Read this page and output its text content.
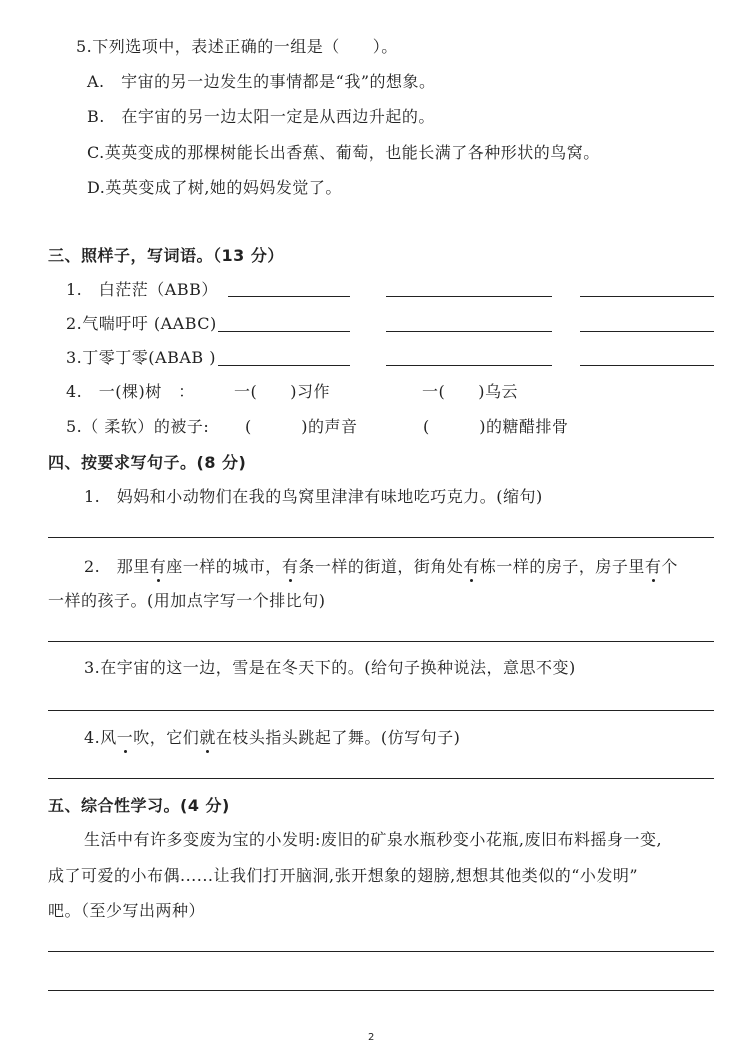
5.下列选项中，表述正确的一组是（　　）。
A.　宇宙的另一边发生的事情都是“我”的想象。
B.　在宇宙的另一边太阳一定是从西边升起的。
C.英英变成的那棵树能长出香蕉、葡萄，也能长满了各种形状的鸟窝。
D.英英变成了树,她的妈妈发觉了。
三、照样子，写词语。（13 分）
1.　白茫茫（ABB）
2.气喘吁吁 (AABC)
3.丁零丁零(ABAB )
4.　一(棵)树　： 一(　　)习作	一(　　)乌云
5.（ 柔软）的被子: (　　　)的声音	(　　　)的糖醋排骨
四、按要求写句子。(8 分)
1.　妈妈和小动物们在我的鸟窝里津津有味地吃巧克力。(缩句)
2.　那里有座一样的城市，有条一样的街道，街角处有栋一样的房子，房子里有个
一样的孩子。(用加点字写一个排比句)
3.在宇宙的这一边，雪是在冬天下的。(给句子换种说法，意思不变)
4.风一吹，它们就在枝头指头跳起了舞。(仿写句子)
五、综合性学习。(4 分)
生活中有许多变废为宝的小发明:废旧的矿泉水瓶秒变小花瓶,废旧布料摇身一变,
成了可爱的小布偶......让我们打开脑洞,张开想象的翅膀,想想其他类似的“小发明”
吧。（至少写出两种）
2
